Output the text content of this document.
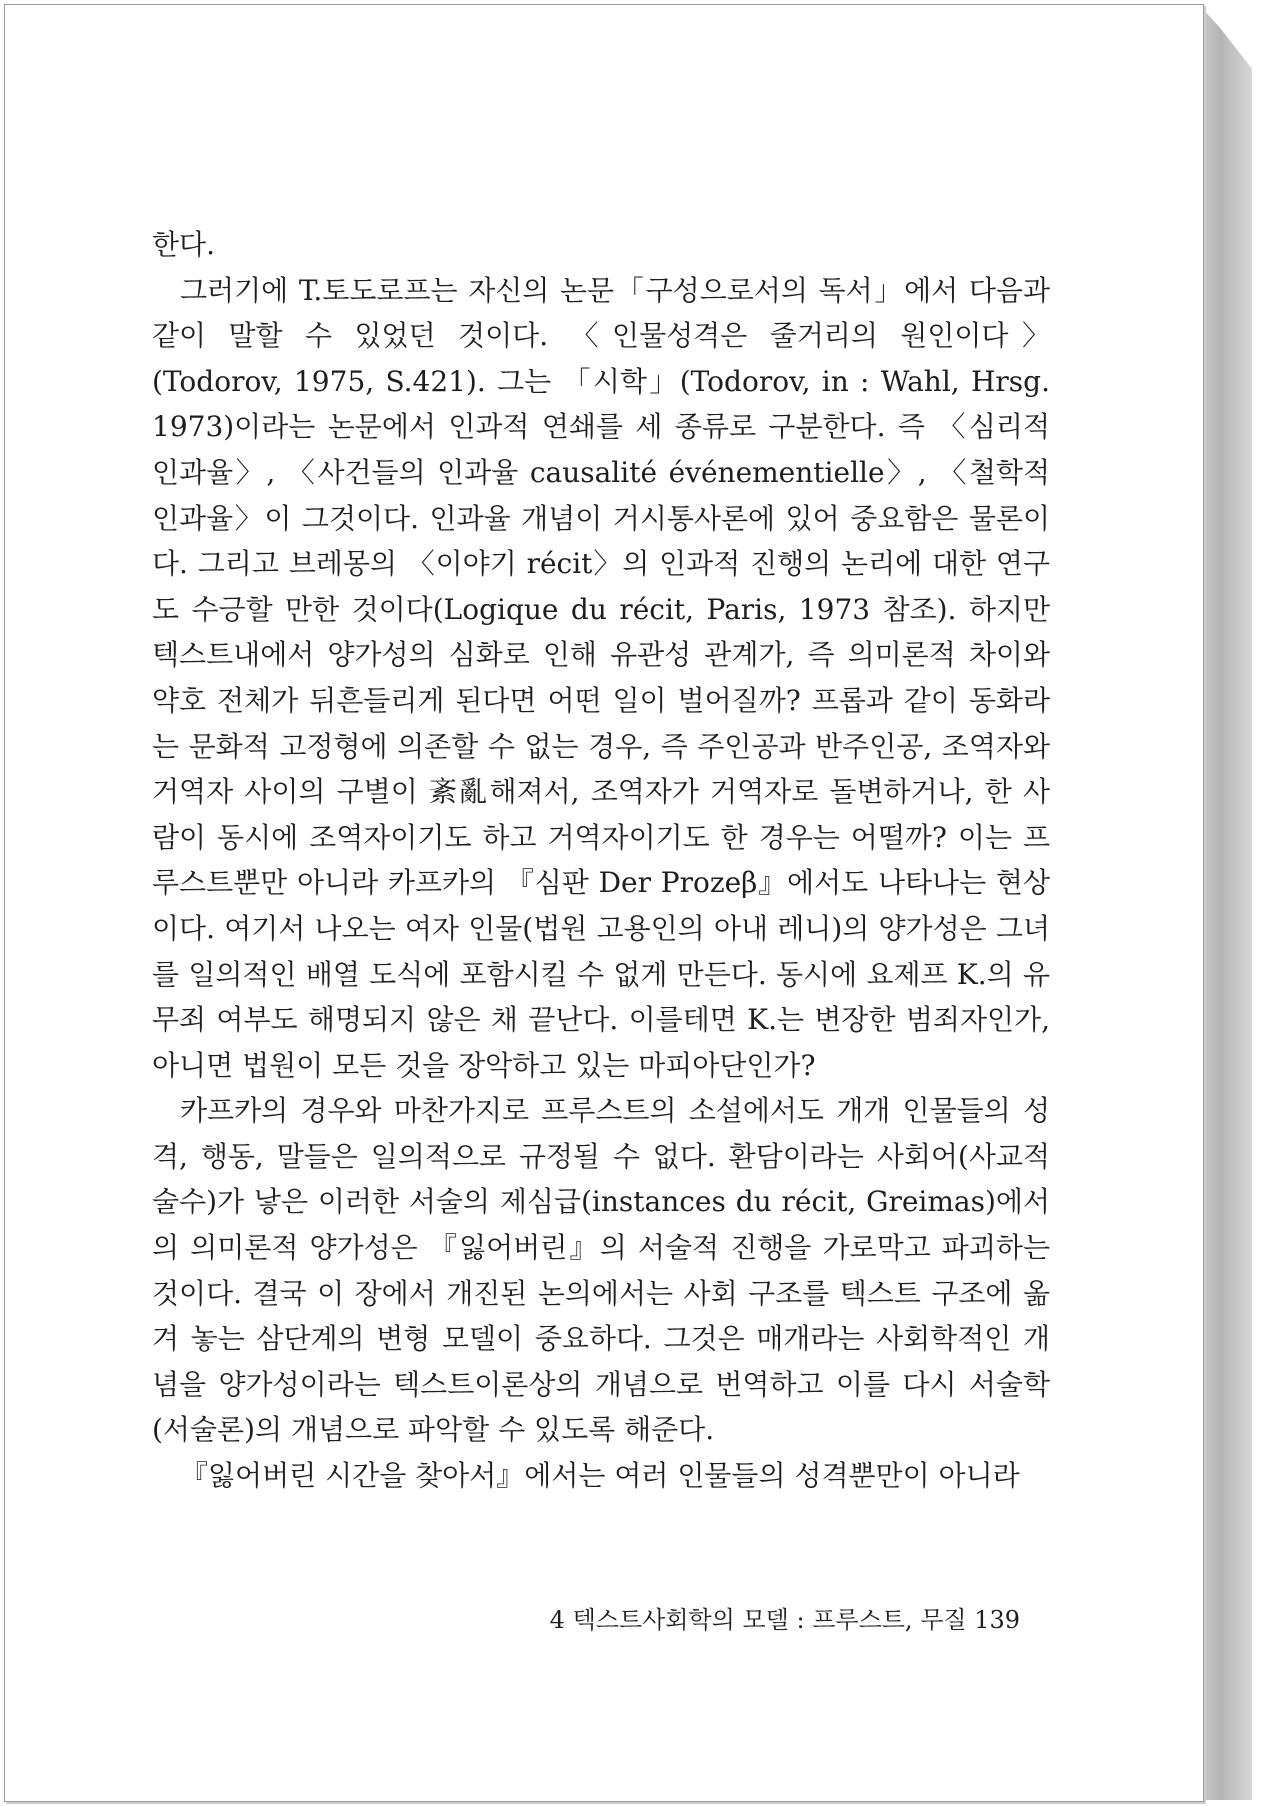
한다.

그러기에 T.토도로프는 자신의 논문「구성으로서의 독서」에서 다음과 같이 말할 수 있었던 것이다. 〈인물성격은 줄거리의 원인이다〉(Todorov, 1975, S.421). 그는 「시학」(Todorov, in : Wahl, Hrsg. 1973)이라는 논문에서 인과적 연쇄를 세 종류로 구분한다. 즉 〈심리적 인과율〉, 〈사건들의 인과율 causalité événementielle〉, 〈철학적 인과율〉이 그것이다. 인과율 개념이 거시통사론에 있어 중요함은 물론이다. 그리고 브레몽의 〈이야기 récit〉의 인과적 진행의 논리에 대한 연구도 수긍할 만한 것이다(Logique du récit, Paris, 1973 참조). 하지만 텍스트내에서 양가성의 심화로 인해 유관성 관계가, 즉 의미론적 차이와 약호 전체가 뒤흔들리게 된다면 어떤 일이 벌어질까? 프롭과 같이 동화라는 문화적 고정형에 의존할 수 없는 경우, 즉 주인공과 반주인공, 조역자와 거역자 사이의 구별이 紊亂해져서, 조역자가 거역자로 돌변하거나, 한 사람이 동시에 조역자이기도 하고 거역자이기도 한 경우는 어떨까? 이는 프루스트뿐만 아니라 카프카의 『심판 Der Prozeβ』에서도 나타나는 현상이다. 여기서 나오는 여자 인물(법원 고용인의 아내 레니)의 양가성은 그녀를 일의적인 배열 도식에 포함시킬 수 없게 만든다. 동시에 요제프 K.의 유무죄 여부도 해명되지 않은 채 끝난다. 이를테면 K.는 변장한 범죄자인가, 아니면 법원이 모든 것을 장악하고 있는 마피아단인가?

카프카의 경우와 마찬가지로 프루스트의 소설에서도 개개 인물들의 성격, 행동, 말들은 일의적으로 규정될 수 없다. 환담이라는 사회어(사교적 술수)가 낳은 이러한 서술의 제심급(instances du récit, Greimas)에서의 의미론적 양가성은 『잃어버린』의 서술적 진행을 가로막고 파괴하는 것이다. 결국 이 장에서 개진된 논의에서는 사회 구조를 텍스트 구조에 옮겨 놓는 삼단계의 변형 모델이 중요하다. 그것은 매개라는 사회학적인 개념을 양가성이라는 텍스트이론상의 개념으로 번역하고 이를 다시 서술학(서술론)의 개념으로 파악할 수 있도록 해준다.

『잃어버린 시간을 찾아서』에서는 여러 인물들의 성격뿐만이 아니라

4 텍스트사회학의 모델 : 프루스트, 무질 139
